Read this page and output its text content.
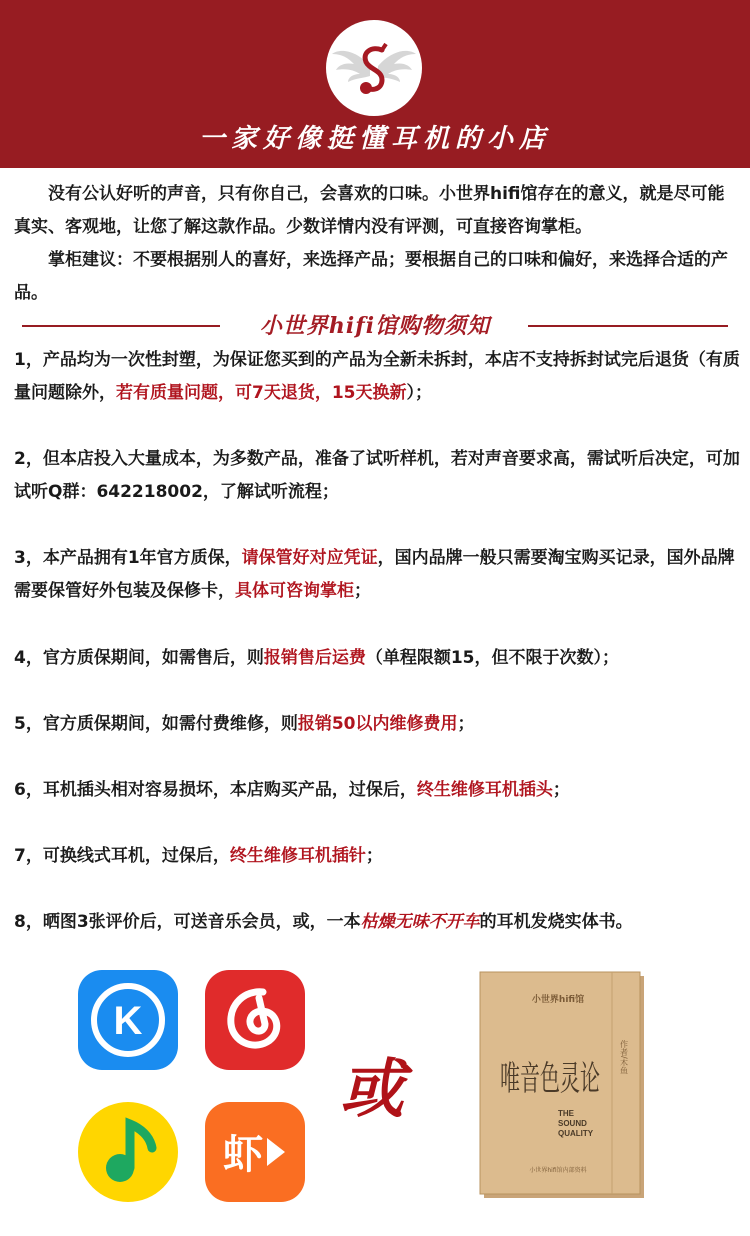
一家好像挺懂耳机的小店

没有公认好听的声音，只有你自己，会喜欢的口味。小世界hifi馆存在的意义，就是尽可能真实、客观地，让您了解这款作品。少数详情内没有评测，可直接咨询掌柜。

掌柜建议：不要根据别人的喜好，来选择产品；要根据自己的口味和偏好，来选择合适的产品。

小世界hifi馆购物须知
1，产品均为一次性封塑，为保证您买到的产品为全新未拆封，本店不支持拆封试完后退货（有质量问题除外，若有质量问题，可7天退货，15天换新）；
2，但本店投入大量成本，为多数产品，准备了试听样机，若对声音要求高，需试听后决定，可加试听Q群：642218002，了解试听流程；
3，本产品拥有1年官方质保，请保管好对应凭证，国内品牌一般只需要淘宝购买记录，国外品牌需要保管好外包装及保修卡，具体可咨询掌柜；
4，官方质保期间，如需售后，则报销售后运费（单程限额15，但不限于次数）；
5，官方质保期间，如需付费维修，则报销50以内维修费用；
6，耳机插头相对容易损坏，本店购买产品，过保后，终生维修耳机插头；
7，可换线式耳机，过保后，终生维修耳机插针；
8，晒图3张评价后，可送音乐会员，或，一本枯燥无味不开车的耳机发烧实体书。
K
虾
或
小世界hifi馆
作者/木鱼
唯音色灵论
THE
SOUND
QUALITY
小世界hifi馆内部资料
